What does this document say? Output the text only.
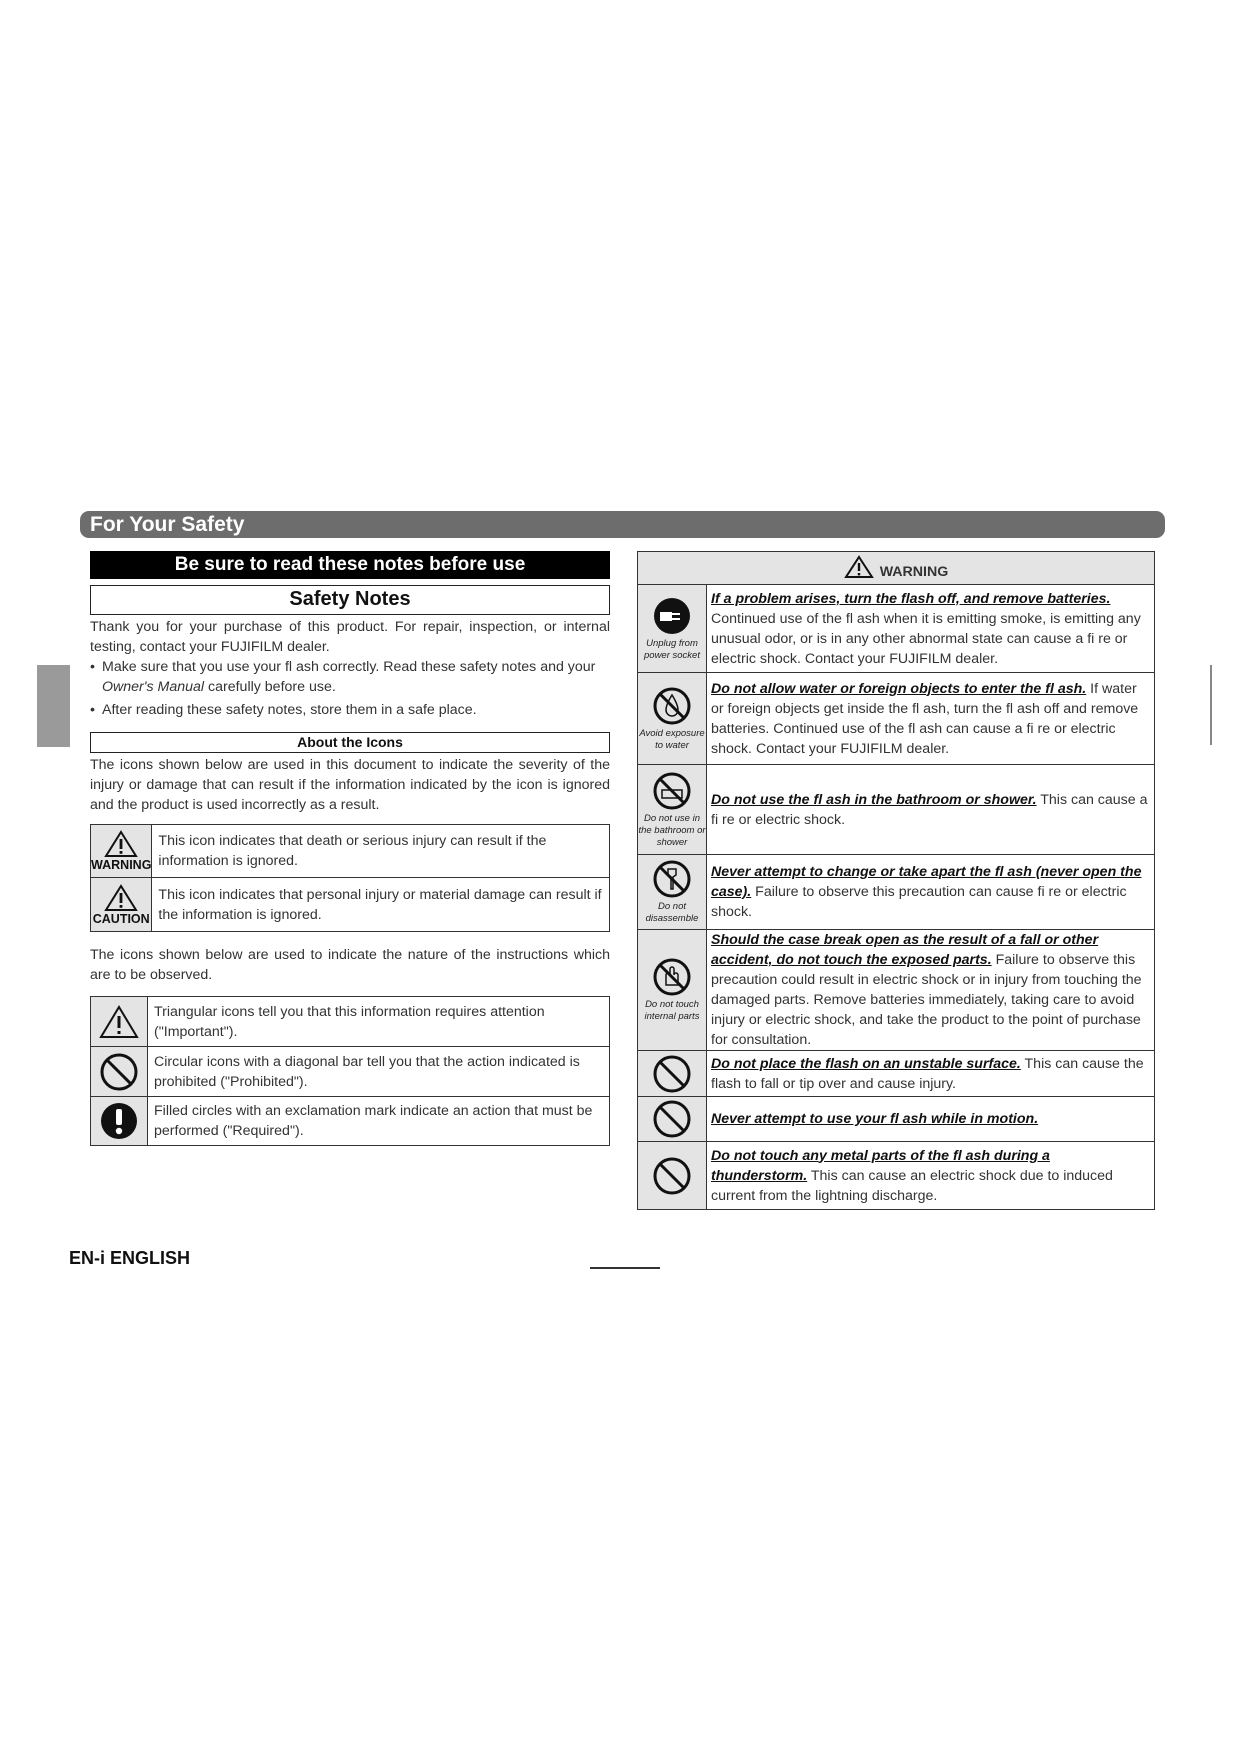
For Your Safety
Be sure to read these notes before use
Safety Notes
Thank you for your purchase of this product. For repair, inspection, or internal testing, contact your FUJIFILM dealer.
• Make sure that you use your fl ash correctly. Read these safety notes and your
Owner's Manual carefully before use.
• After reading these safety notes, store them in a safe place.
About the Icons
The icons shown below are used in this document to indicate the severity of the injury or damage that can result if the information indicated by the icon is ignored and the product is used incorrectly as a result.
WARNING	This icon indicates that death or serious injury can result if the information is ignored.

CAUTION	This icon indicates that personal injury or material damage can result if the information is ignored.
The icons shown below are used to indicate the nature of the instructions which are to be observed.
	Triangular icons tell you that this information requires attention ("Important").

	Circular icons with a diagonal bar tell you that the action indicated is prohibited ("Prohibited").

	Filled circles with an exclamation mark indicate an action that must be performed ("Required").
WARNING	

Unplug from power socket	If a problem arises, turn the flash off, and remove batteries. Continued use of the fl ash when it is emitting smoke, is emitting any unusual odor, or is in any other abnormal state can cause a fi re or electric shock. Contact your FUJIFILM dealer.

Avoid exposure to water	Do not allow water or foreign objects to enter the fl ash. If water or foreign objects get inside the fl ash, turn the fl ash off and remove batteries. Continued use of the fl ash can cause a fi re or electric shock. Contact your FUJIFILM dealer.

Do not use in the bathroom or shower	Do not use the fl ash in the bathroom or shower. This can cause a fi re or electric shock.

Do not disassemble	Never attempt to change or take apart the fl ash (never open the case). Failure to observe this precaution can cause fi re or electric shock.

Do not touch internal parts	Should the case break open as the result of a fall or other accident, do not touch the exposed parts. Failure to observe this precaution could result in electric shock or in injury from touching the damaged parts. Remove batteries immediately, taking care to avoid injury or electric shock, and take the product to the point of purchase for consultation.

	Do not place the flash on an unstable surface. This can cause the flash to fall or tip over and cause injury.

	Never attempt to use your fl ash while in motion.

	Do not touch any metal parts of the fl ash during a thunderstorm. This can cause an electric shock due to induced current from the lightning discharge.
EN-i ENGLISH
